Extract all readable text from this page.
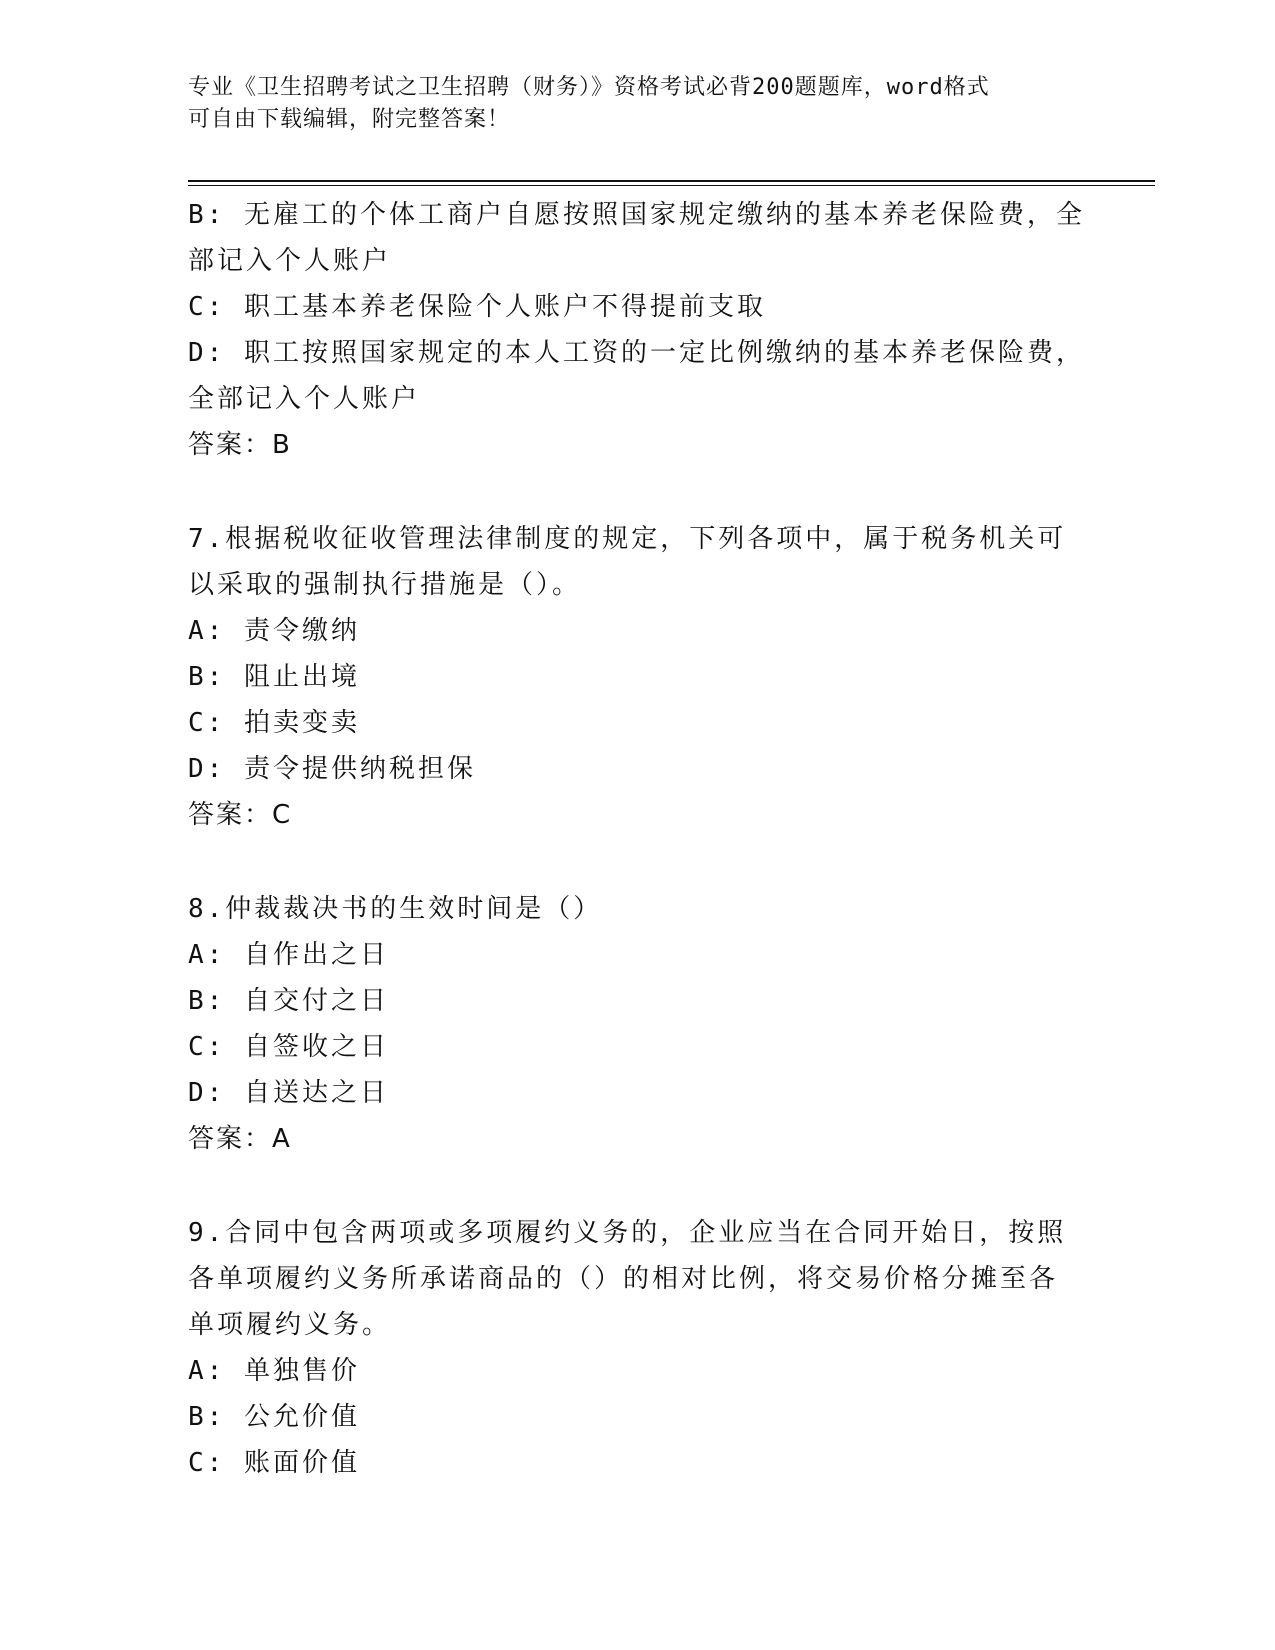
专业《卫生招聘考试之卫生招聘（财务）》资格考试必背200题题库，word格式
可自由下载编辑，附完整答案！
B: 无雇工的个体工商户自愿按照国家规定缴纳的基本养老保险费，全
部记入个人账户
C: 职工基本养老保险个人账户不得提前支取
D: 职工按照国家规定的本人工资的一定比例缴纳的基本养老保险费，
全部记入个人账户
答案：B
7.根据税收征收管理法律制度的规定，下列各项中，属于税务机关可
以采取的强制执行措施是（）。
A: 责令缴纳
B: 阻止出境
C: 拍卖变卖
D: 责令提供纳税担保
答案：C
8.仲裁裁决书的生效时间是（）
A: 自作出之日
B: 自交付之日
C: 自签收之日
D: 自送达之日
答案：A
9.合同中包含两项或多项履约义务的，企业应当在合同开始日，按照
各单项履约义务所承诺商品的（）的相对比例，将交易价格分摊至各
单项履约义务。
A: 单独售价
B: 公允价值
C: 账面价值
